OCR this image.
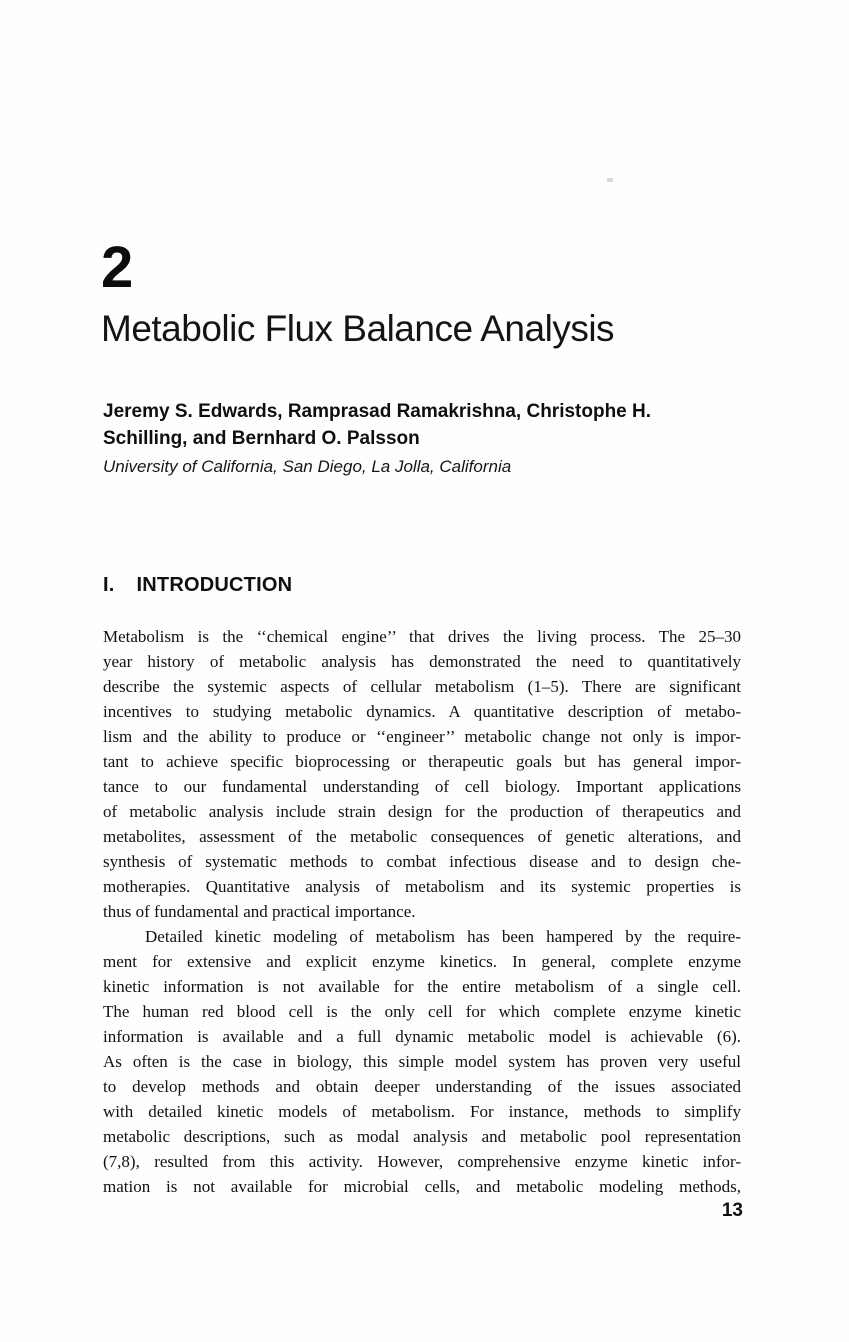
2
Metabolic Flux Balance Analysis
Jeremy S. Edwards, Ramprasad Ramakrishna, Christophe H.
Schilling, and Bernhard O. Palsson
University of California, San Diego, La Jolla, California
I. INTRODUCTION
Metabolism is the ‘‘chemical engine’’ that drives the living process. The 25–30
year history of metabolic analysis has demonstrated the need to quantitatively
describe the systemic aspects of cellular metabolism (1–5). There are significant
incentives to studying metabolic dynamics. A quantitative description of metabo-
lism and the ability to produce or ‘‘engineer’’ metabolic change not only is impor-
tant to achieve specific bioprocessing or therapeutic goals but has general impor-
tance to our fundamental understanding of cell biology. Important applications
of metabolic analysis include strain design for the production of therapeutics and
metabolites, assessment of the metabolic consequences of genetic alterations, and
synthesis of systematic methods to combat infectious disease and to design che-
motherapies. Quantitative analysis of metabolism and its systemic properties is
thus of fundamental and practical importance.
Detailed kinetic modeling of metabolism has been hampered by the require-
ment for extensive and explicit enzyme kinetics. In general, complete enzyme
kinetic information is not available for the entire metabolism of a single cell.
The human red blood cell is the only cell for which complete enzyme kinetic
information is available and a full dynamic metabolic model is achievable (6).
As often is the case in biology, this simple model system has proven very useful
to develop methods and obtain deeper understanding of the issues associated
with detailed kinetic models of metabolism. For instance, methods to simplify
metabolic descriptions, such as modal analysis and metabolic pool representation
(7,8), resulted from this activity. However, comprehensive enzyme kinetic infor-
mation is not available for microbial cells, and metabolic modeling methods,
13
